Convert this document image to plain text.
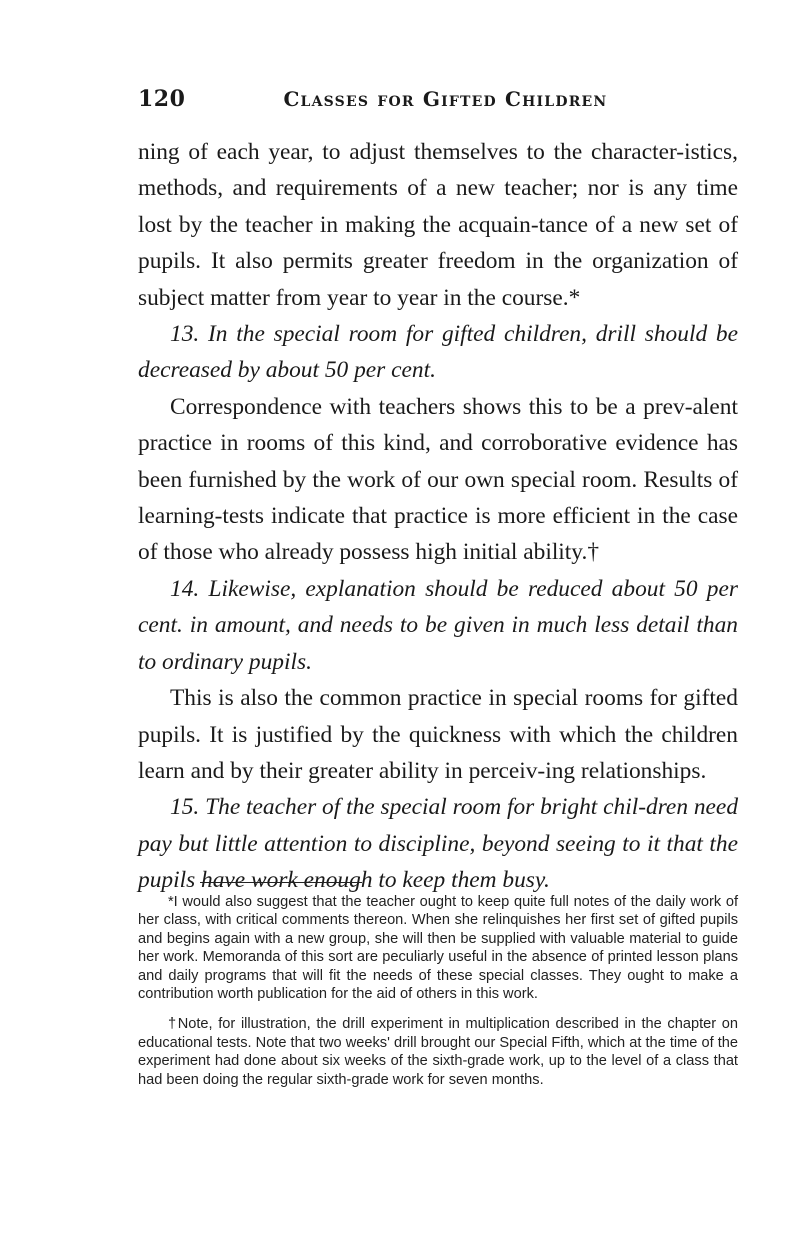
120	Classes for Gifted Children

ning of each year, to adjust themselves to the character-istics, methods, and requirements of a new teacher; nor is any time lost by the teacher in making the acquain-tance of a new set of pupils. It also permits greater freedom in the organization of subject matter from year to year in the course.*

13. In the special room for gifted children, drill should be decreased by about 50 per cent.

Correspondence with teachers shows this to be a prev-alent practice in rooms of this kind, and corroborative evidence has been furnished by the work of our own special room. Results of learning-tests indicate that practice is more efficient in the case of those who already possess high initial ability.†

14. Likewise, explanation should be reduced about 50 per cent. in amount, and needs to be given in much less detail than to ordinary pupils.

This is also the common practice in special rooms for gifted pupils. It is justified by the quickness with which the children learn and by their greater ability in perceiv-ing relationships.

15. The teacher of the special room for bright chil-dren need pay but little attention to discipline, beyond seeing to it that the pupils have work enough to keep them busy.

*I would also suggest that the teacher ought to keep quite full notes of the daily work of her class, with critical comments thereon. When she relinquishes her first set of gifted pupils and begins again with a new group, she will then be supplied with valuable material to guide her work. Memoranda of this sort are peculiarly useful in the absence of printed lesson plans and daily programs that will fit the needs of these special classes. They ought to make a contribution worth publication for the aid of others in this work.

†Note, for illustration, the drill experiment in multiplication described in the chapter on educational tests. Note that two weeks' drill brought our Special Fifth, which at the time of the experiment had done about six weeks of the sixth-grade work, up to the level of a class that had been doing the regular sixth-grade work for seven months.
